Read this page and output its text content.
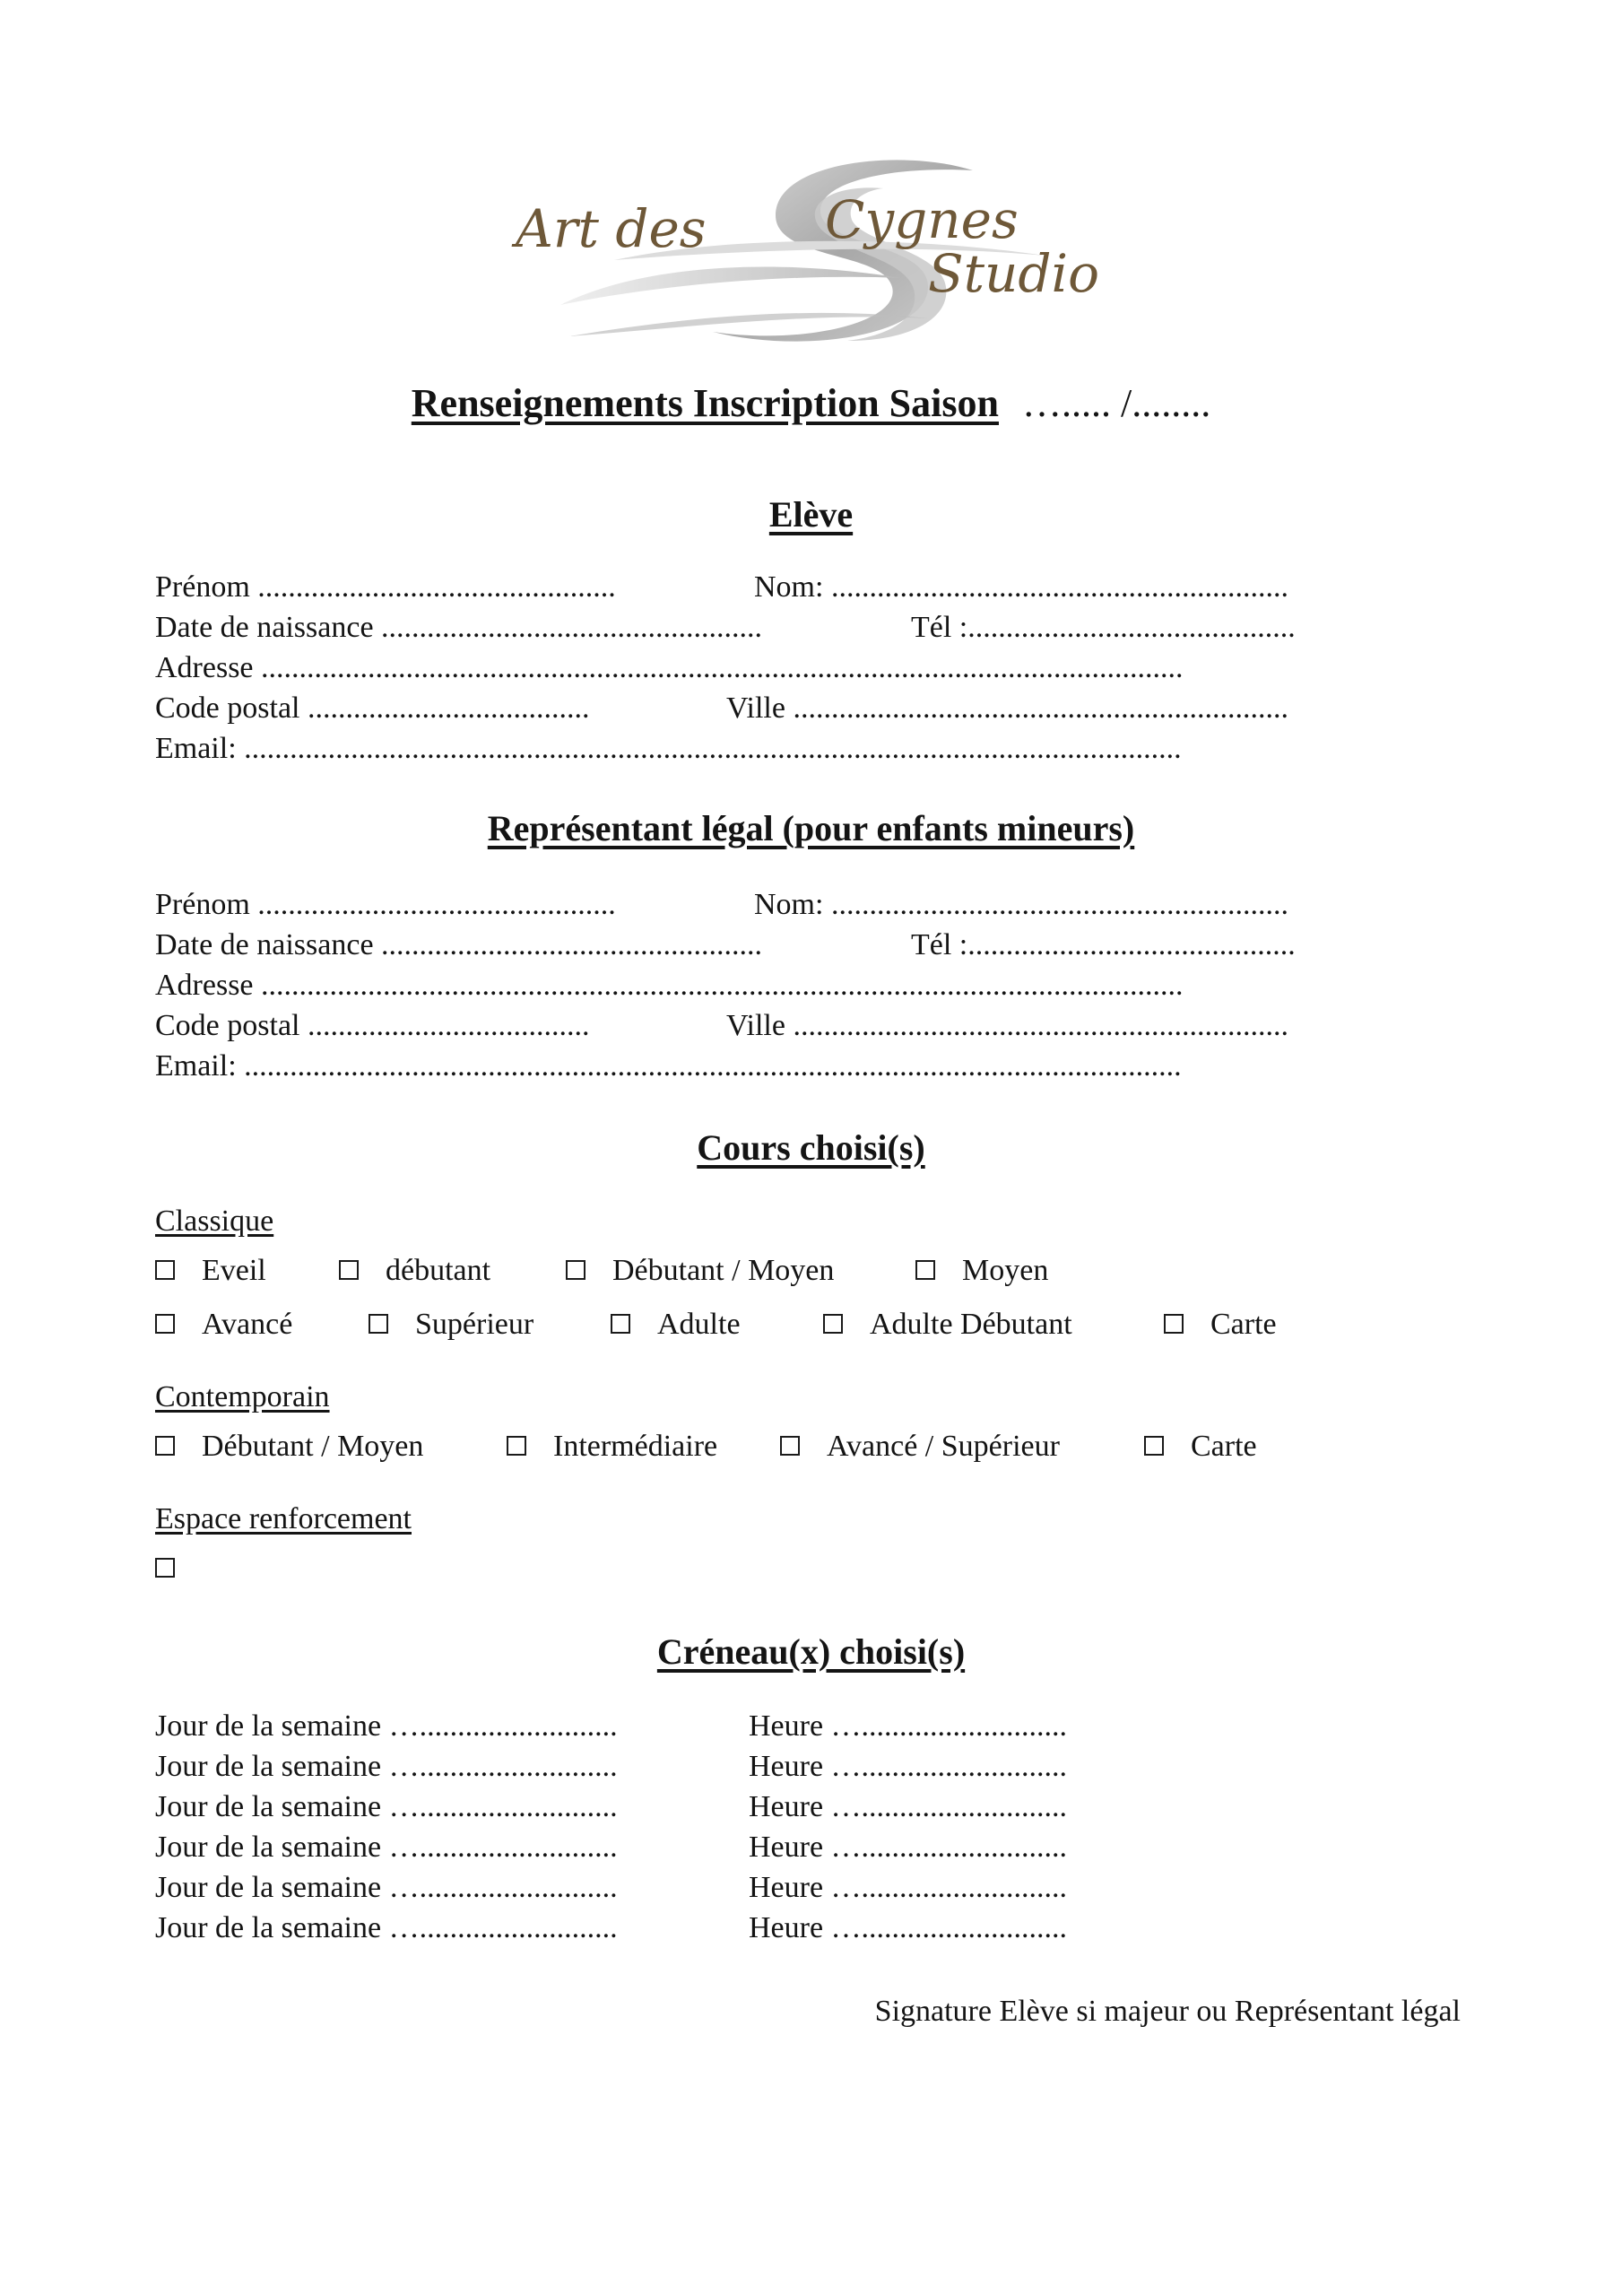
Art des Cygnes
Studio
Renseignements Inscription Saison …..... /........
Elève
Prénom ...............................................	Nom: ............................................................
Date de naissance ..................................................	Tél :...........................................
Adresse .........................................................................................................................
Code postal .....................................	Ville .................................................................
Email: ...........................................................................................................................
Représentant légal (pour enfants mineurs)
Prénom ...............................................	Nom: ............................................................
Date de naissance ..................................................	Tél :...........................................
Adresse .........................................................................................................................
Code postal .....................................	Ville .................................................................
Email: ...........................................................................................................................
Cours choisi(s)
Classique
Eveil	débutant	Débutant / Moyen	Moyen
Avancé	Supérieur	Adulte	Adulte Débutant	Carte
Contemporain
Débutant / Moyen	Intermédiaire	Avancé / Supérieur	Carte
Espace renforcement
Créneau(x) choisi(s)
Jour de la semaine …..........................	Heure …...........................
Jour de la semaine …..........................	Heure …...........................
Jour de la semaine …..........................	Heure …...........................
Jour de la semaine …..........................	Heure …...........................
Jour de la semaine …..........................	Heure …...........................
Jour de la semaine …..........................	Heure …...........................
Signature Elève si majeur ou Représentant légal
